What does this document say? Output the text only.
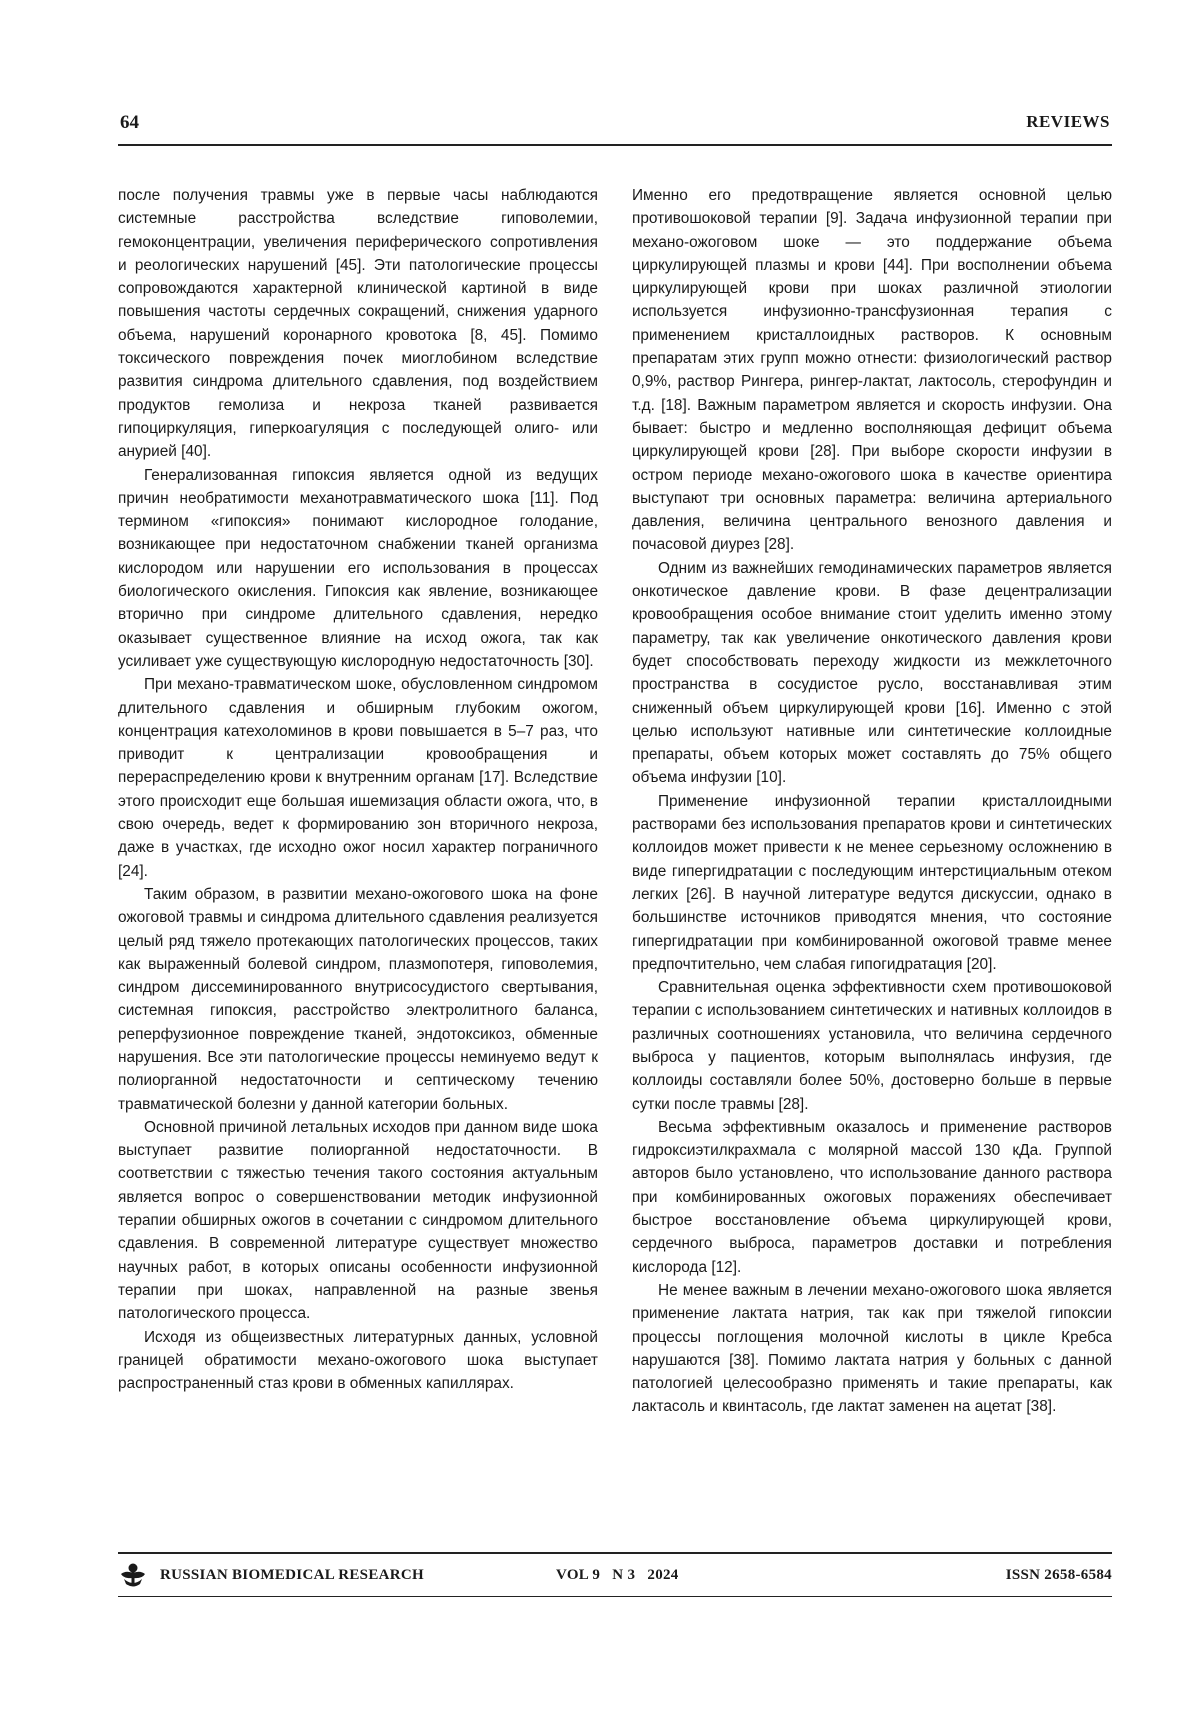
64	REVIEWS

после получения травмы уже в первые часы наблюдаются системные расстройства вследствие гиповолемии, гемоконцентрации, увеличения периферического сопротивления и реологических нарушений [45]. Эти патологические процессы сопровождаются характерной клинической картиной в виде повышения частоты сердечных сокращений, снижения ударного объема, нарушений коронарного кровотока [8, 45]. Помимо токсического повреждения почек миоглобином вследствие развития синдрома длительного сдавления, под воздействием продуктов гемолиза и некроза тканей развивается гипоциркуляция, гиперкоагуляция с последующей олиго- или анурией [40].

Генерализованная гипоксия является одной из ведущих причин необратимости механотравматического шока [11]. Под термином «гипоксия» понимают кислородное голодание, возникающее при недостаточном снабжении тканей организма кислородом или нарушении его использования в процессах биологического окисления. Гипоксия как явление, возникающее вторично при синдроме длительного сдавления, нередко оказывает существенное влияние на исход ожога, так как усиливает уже существующую кислородную недостаточность [30].

При механо-травматическом шоке, обусловленном синдромом длительного сдавления и обширным глубоким ожогом, концентрация катехоломинов в крови повышается в 5–7 раз, что приводит к централизации кровообращения и перераспределению крови к внутренним органам [17]. Вследствие этого происходит еще большая ишемизация области ожога, что, в свою очередь, ведет к формированию зон вторичного некроза, даже в участках, где исходно ожог носил характер пограничного [24].

Таким образом, в развитии механо-ожогового шока на фоне ожоговой травмы и синдрома длительного сдавления реализуется целый ряд тяжело протекающих патологических процессов, таких как выраженный болевой синдром, плазмопотеря, гиповолемия, синдром диссеминированного внутрисосудистого свертывания, системная гипоксия, расстройство электролитного баланса, реперфузионное повреждение тканей, эндотоксикоз, обменные нарушения. Все эти патологические процессы неминуемо ведут к полиорганной недостаточности и септическому течению травматической болезни у данной категории больных.

Основной причиной летальных исходов при данном виде шока выступает развитие полиорганной недостаточности. В соответствии с тяжестью течения такого состояния актуальным является вопрос о совершенствовании методик инфузионной терапии обширных ожогов в сочетании с синдромом длительного сдавления. В современной литературе существует множество научных работ, в которых описаны особенности инфузионной терапии при шоках, направленной на разные звенья патологического процесса.

Исходя из общеизвестных литературных данных, условной границей обратимости механо-ожогового шока выступает распространенный стаз крови в обменных капиллярах.

Именно его предотвращение является основной целью противошоковой терапии [9]. Задача инфузионной терапии при механо-ожоговом шоке — это поддержание объема циркулирующей плазмы и крови [44]. При восполнении объема циркулирующей крови при шоках различной этиологии используется инфузионно-трансфузионная терапия с применением кристаллоидных растворов. К основным препаратам этих групп можно отнести: физиологический раствор 0,9%, раствор Рингера, рингер-лактат, лактосоль, стерофундин и т.д. [18]. Важным параметром является и скорость инфузии. Она бывает: быстро и медленно восполняющая дефицит объема циркулирующей крови [28]. При выборе скорости инфузии в остром периоде механо-ожогового шока в качестве ориентира выступают три основных параметра: величина артериального давления, величина центрального венозного давления и почасовой диурез [28].

Одним из важнейших гемодинамических параметров является онкотическое давление крови. В фазе децентрализации кровообращения особое внимание стоит уделить именно этому параметру, так как увеличение онкотического давления крови будет способствовать переходу жидкости из межклеточного пространства в сосудистое русло, восстанавливая этим сниженный объем циркулирующей крови [16]. Именно с этой целью используют нативные или синтетические коллоидные препараты, объем которых может составлять до 75% общего объема инфузии [10].

Применение инфузионной терапии кристаллоидными растворами без использования препаратов крови и синтетических коллоидов может привести к не менее серьезному осложнению в виде гипергидратации с последующим интерстициальным отеком легких [26]. В научной литературе ведутся дискуссии, однако в большинстве источников приводятся мнения, что состояние гипергидратации при комбинированной ожоговой травме менее предпочтительно, чем слабая гипогидратация [20].

Сравнительная оценка эффективности схем противошоковой терапии с использованием синтетических и нативных коллоидов в различных соотношениях установила, что величина сердечного выброса у пациентов, которым выполнялась инфузия, где коллоиды составляли более 50%, достоверно больше в первые сутки после травмы [28].

Весьма эффективным оказалось и применение растворов гидроксиэтилкрахмала с молярной массой 130 кДа. Группой авторов было установлено, что использование данного раствора при комбинированных ожоговых поражениях обеспечивает быстрое восстановление объема циркулирующей крови, сердечного выброса, параметров доставки и потребления кислорода [12].

Не менее важным в лечении механо-ожогового шока является применение лактата натрия, так как при тяжелой гипоксии процессы поглощения молочной кислоты в цикле Кребса нарушаются [38]. Помимо лактата натрия у больных с данной патологией целесообразно применять и такие препараты, как лактасоль и квинтасоль, где лактат заменен на ацетат [38].

RUSSIAN BIOMEDICAL RESEARCH	VOL 9   N 3   2024	ISSN 2658-6584
